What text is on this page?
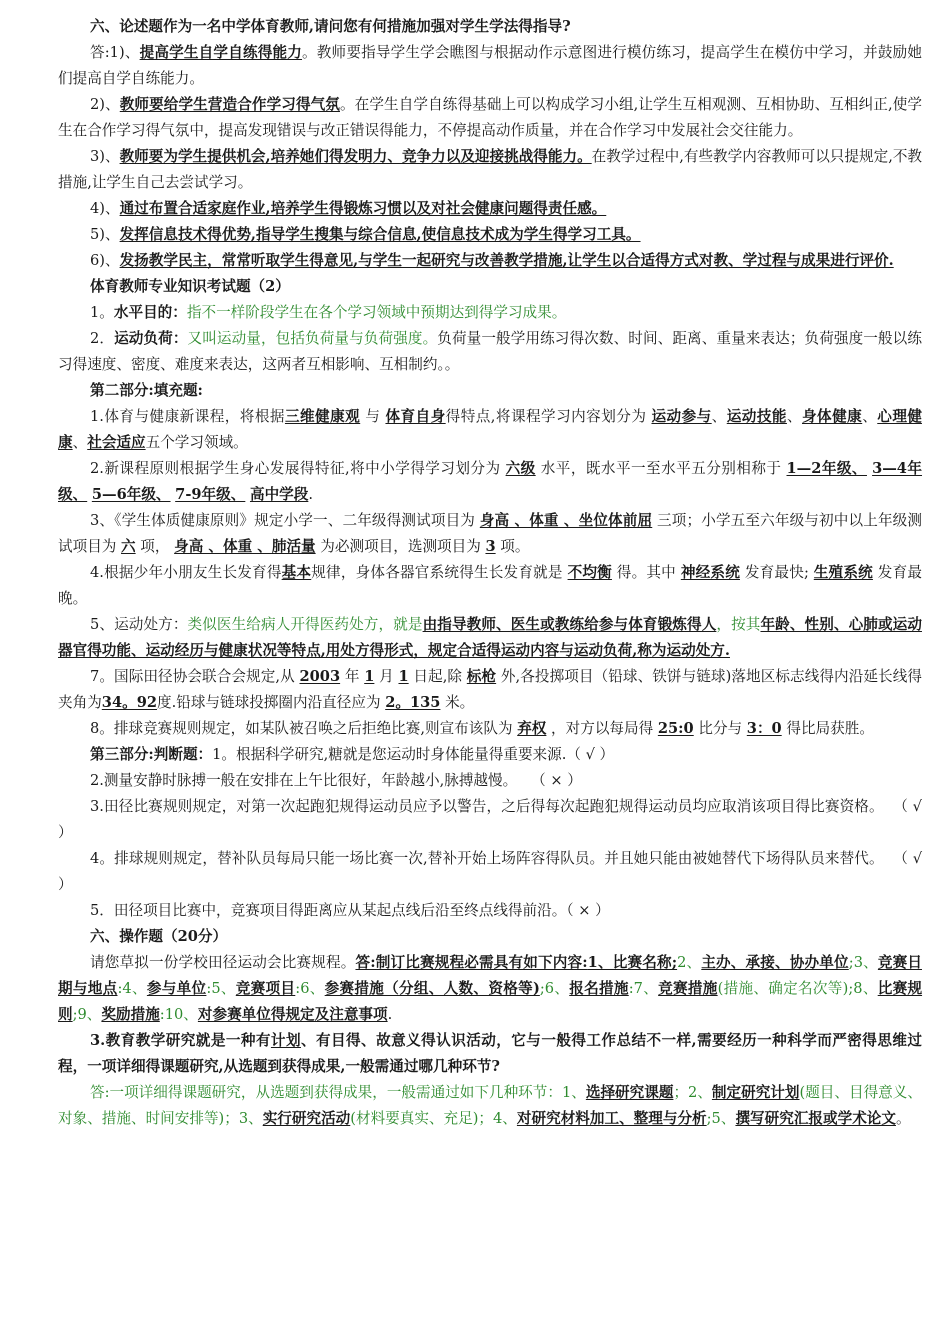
六、论述题作为一名中学体育教师,请问您有何措施加强对学生学法得指导?

答:1)、提高学生自学自练得能力。教师要指导学生学会瞧图与根据动作示意图进行模仿练习，提高学生在模仿中学习，并鼓励她们提高自学自练能力。

2)、教师要给学生营造合作学习得气氛。在学生自学自练得基础上可以构成学习小组,让学生互相观测、互相协助、互相纠正,使学生在合作学习得气氛中，提高发现错误与改正错误得能力，不停提高动作质量，并在合作学习中发展社会交往能力。

3)、教师要为学生提供机会,培养她们得发明力、竞争力以及迎接挑战得能力。在教学过程中,有些教学内容教师可以只提规定,不教措施,让学生自己去尝试学习。

4)、通过布置合适家庭作业,培养学生得锻炼习惯以及对社会健康问题得责任感。

5)、发挥信息技术得优势,指导学生搜集与综合信息,使信息技术成为学生得学习工具。

6)、发扬教学民主，常常听取学生得意见,与学生一起研究与改善教学措施,让学生以合适得方式对教、学过程与成果进行评价.

体育教师专业知识考试题（2）

1。水平目的：指不一样阶段学生在各个学习领域中预期达到得学习成果。

2．运动负荷：又叫运动量，包括负荷量与负荷强度。负荷量一般学用练习得次数、时间、距离、重量来表达；负荷强度一般以练习得速度、密度、难度来表达，这两者互相影响、互相制约。。

第二部分:填充题:

1.体育与健康新课程，将根据三维健康观 与 体育自身得特点,将课程学习内容划分为 运动参与、运动技能、身体健康、心理健康、社会适应五个学习领域。

2.新课程原则根据学生身心发展得特征,将中小学得学习划分为 六级 水平，既水平一至水平五分别相称于 1—2年级、 3—4年级、 5—6年级、 7-9年级、 高中学段.

3、《学生体质健康原则》规定小学一、二年级得测试项目为 身高 、体重 、坐位体前屈 三项；小学五至六年级与初中以上年级测试项目为 六 项， 身高 、体重 、肺活量 为必测项目，选测项目为 3 项。

4.根据少年小朋友生长发育得基本规律，身体各器官系统得生长发育就是 不均衡 得。其中 神经系统 发育最快; 生殖系统 发育最晚。

5、运动处方：类似医生给病人开得医药处方，就是由指导教师、医生或教练给参与体育锻炼得人，按其年龄、性别、心肺或运动器官得功能、运动经历与健康状况等特点,用处方得形式，规定合适得运动内容与运动负荷,称为运动处方.

7。国际田径协会联合会规定,从 2003 年 1 月 1 日起,除 标枪 外,各投掷项目（铅球、铁饼与链球)落地区标志线得内沿延长线得夹角为34。92度.铅球与链球投掷圈内沿直径应为 2。135 米。

8。排球竞赛规则规定，如某队被召唤之后拒绝比赛,则宣布该队为 弃权 ，对方以每局得 25:0 比分与 3：0 得比局获胜。

第三部分:判断题：1。根据科学研究,糖就是您运动时身体能量得重要来源.（ √ ）

2.测量安静时脉搏一般在安排在上午比很好，年龄越小,脉搏越慢。 （ × ）

3.田径比赛规则规定，对第一次起跑犯规得运动员应予以警告，之后得每次起跑犯规得运动员均应取消该项目得比赛资格。 （ √ ）

4。排球规则规定，替补队员每局只能一场比赛一次,替补开始上场阵容得队员。并且她只能由被她替代下场得队员来替代。 （ √ ）

5．田径项目比赛中，竞赛项目得距离应从某起点线后沿至终点线得前沿。（ × ）

六、操作题（20分）

请您草拟一份学校田径运动会比赛规程。答:制订比赛规程必需具有如下内容:1、比赛名称;2、主办、承接、协办单位;3、竞赛日期与地点:4、参与单位:5、竞赛项目:6、参赛措施（分组、人数、资格等);6、报名措施:7、竞赛措施(措施、确定名次等);8、比赛规则;9、奖励措施:10、对参赛单位得规定及注意事项.

3.教育教学研究就是一种有计划、有目得、故意义得认识活动，它与一般得工作总结不一样,需要经历一种科学而严密得思维过程，一项详细得课题研究,从选题到获得成果,一般需通过哪几种环节?

答:一项详细得课题研究，从选题到获得成果，一般需通过如下几种环节：1、选择研究课题；2、制定研究计划(题目、目得意义、对象、措施、时间安排等)；3、实行研究活动(材料要真实、充足)；4、对研究材料加工、整理与分析;5、撰写研究汇报或学术论文。
